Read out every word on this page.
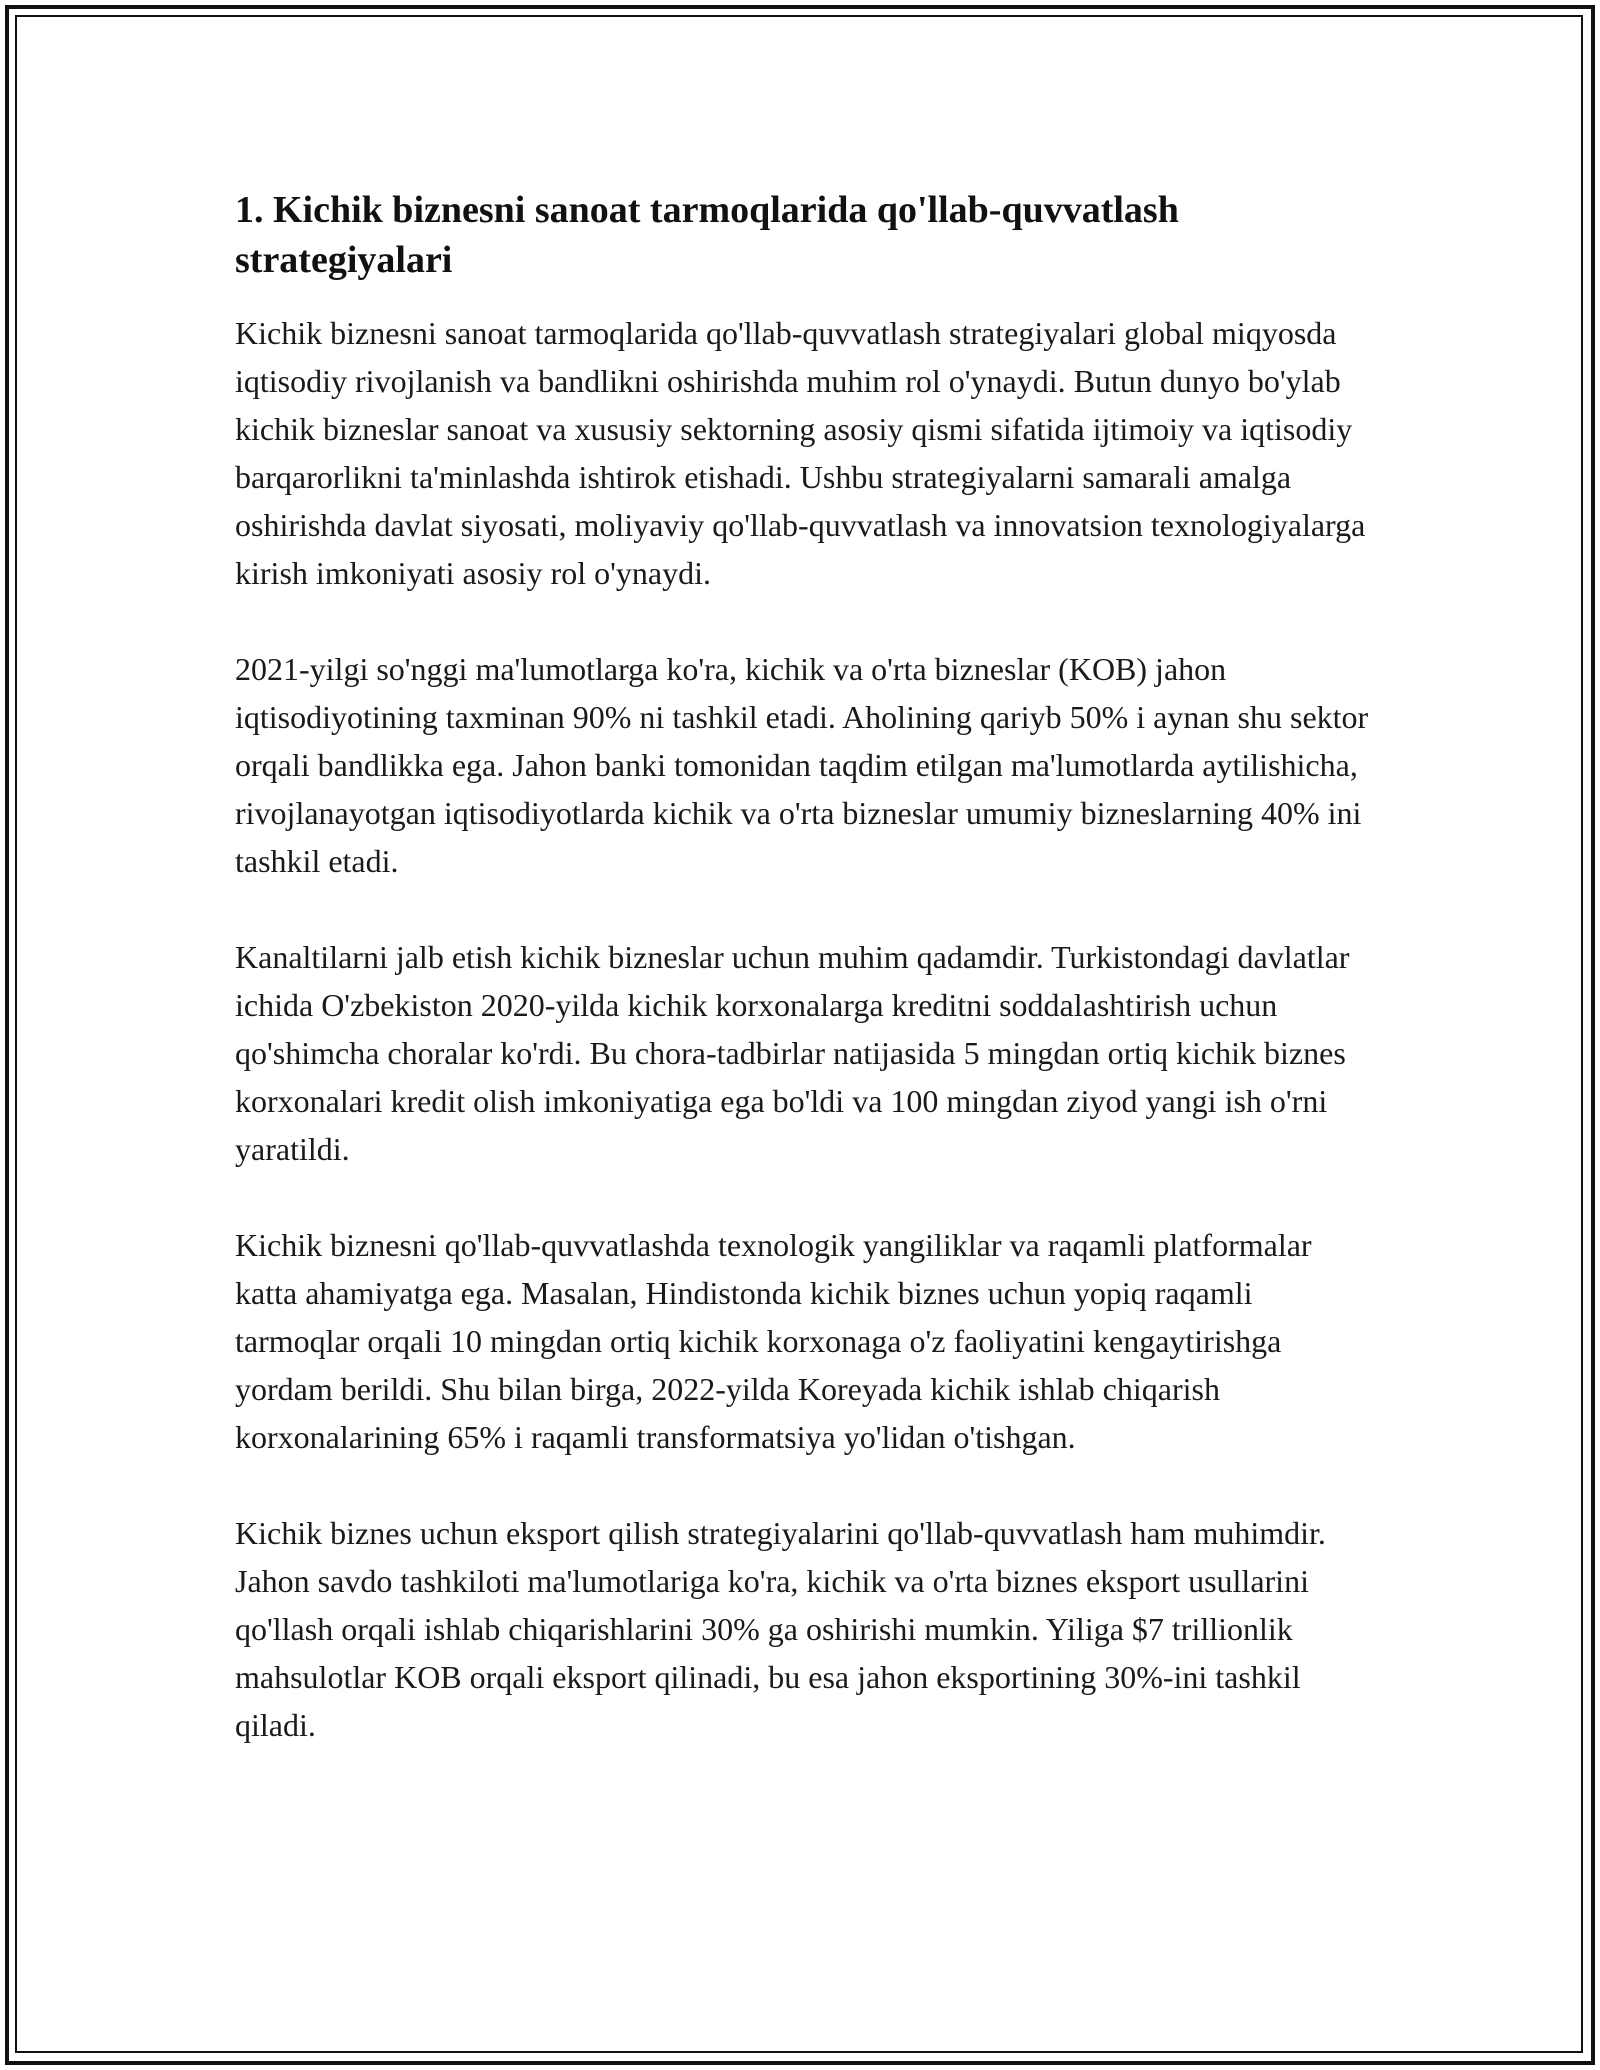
1. Kichik biznesni sanoat tarmoqlarida qo'llab-quvvatlash strategiyalari

Kichik biznesni sanoat tarmoqlarida qo'llab-quvvatlash strategiyalari global miqyosda iqtisodiy rivojlanish va bandlikni oshirishda muhim rol o'ynaydi. Butun dunyo bo'ylab kichik bizneslar sanoat va xususiy sektorning asosiy qismi sifatida ijtimoiy va iqtisodiy barqarorlikni ta'minlashda ishtirok etishadi. Ushbu strategiyalarni samarali amalga oshirishda davlat siyosati, moliyaviy qo'llab-quvvatlash va innovatsion texnologiyalarga kirish imkoniyati asosiy rol o'ynaydi.

2021-yilgi so'nggi ma'lumotlarga ko'ra, kichik va o'rta bizneslar (KOB) jahon iqtisodiyotining taxminan 90% ni tashkil etadi. Aholining qariyb 50% i aynan shu sektor orqali bandlikka ega. Jahon banki tomonidan taqdim etilgan ma'lumotlarda aytilishicha, rivojlanayotgan iqtisodiyotlarda kichik va o'rta bizneslar umumiy bizneslarning 40% ini tashkil etadi.

Kanaltilarni jalb etish kichik bizneslar uchun muhim qadamdir. Turkistondagi davlatlar ichida O'zbekiston 2020-yilda kichik korxonalarga kreditni soddalashtirish uchun qo'shimcha choralar ko'rdi. Bu chora-tadbirlar natijasida 5 mingdan ortiq kichik biznes korxonalari kredit olish imkoniyatiga ega bo'ldi va 100 mingdan ziyod yangi ish o'rni yaratildi.

Kichik biznesni qo'llab-quvvatlashda texnologik yangiliklar va raqamli platformalar katta ahamiyatga ega. Masalan, Hindistonda kichik biznes uchun yopiq raqamli tarmoqlar orqali 10 mingdan ortiq kichik korxonaga o'z faoliyatini kengaytirishga yordam berildi. Shu bilan birga, 2022-yilda Koreyada kichik ishlab chiqarish korxonalarining 65% i raqamli transformatsiya yo'lidan o'tishgan.

Kichik biznes uchun eksport qilish strategiyalarini qo'llab-quvvatlash ham muhimdir. Jahon savdo tashkiloti ma'lumotlariga ko'ra, kichik va o'rta biznes eksport usullarini qo'llash orqali ishlab chiqarishlarini 30% ga oshirishi mumkin. Yiliga $7 trillionlik mahsulotlar KOB orqali eksport qilinadi, bu esa jahon eksportining 30%-ini tashkil qiladi.
